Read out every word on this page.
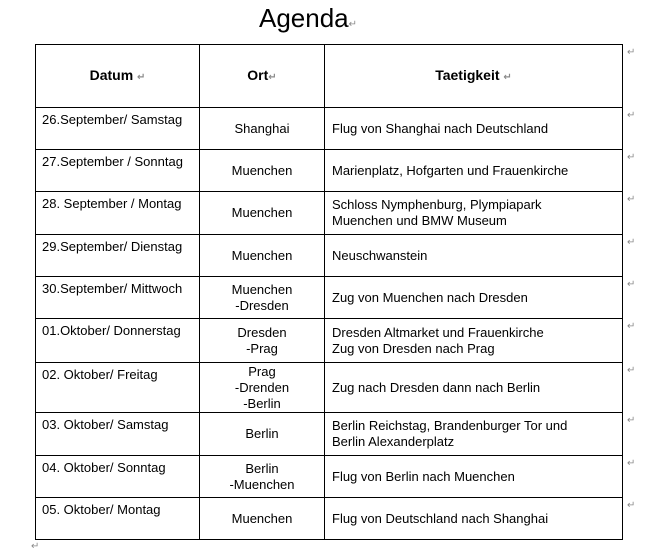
Agenda↵
Datum ↵	Ort↵	Taetigkeit ↵
26.September/ Samstag	Shanghai	Flug von Shanghai nach Deutschland

27.September / Sonntag	Muenchen	Marienplatz, Hofgarten und Frauenkirche

28. September / Montag	Muenchen	Schloss Nymphenburg, Plympiapark
Muenchen und BMW Museum

29.September/ Dienstag	Muenchen	Neuschwanstein

30.September/ Mittwoch	Muenchen
-Dresden	Zug von Muenchen nach Dresden

01.Oktober/ Donnerstag	Dresden
-Prag	Dresden Altmarket und Frauenkirche
Zug von Dresden nach Prag

02. Oktober/ Freitag	Prag
-Drenden
-Berlin	Zug nach Dresden dann nach Berlin

03. Oktober/ Samstag	Berlin	Berlin Reichstag, Brandenburger Tor und
Berlin Alexanderplatz

04. Oktober/ Sonntag	Berlin
-Muenchen	Flug von Berlin nach Muenchen

05. Oktober/ Montag	Muenchen	Flug von Deutschland nach Shanghai
↵
↵
↵
↵
↵
↵
↵
↵
↵
↵
↵
↵
